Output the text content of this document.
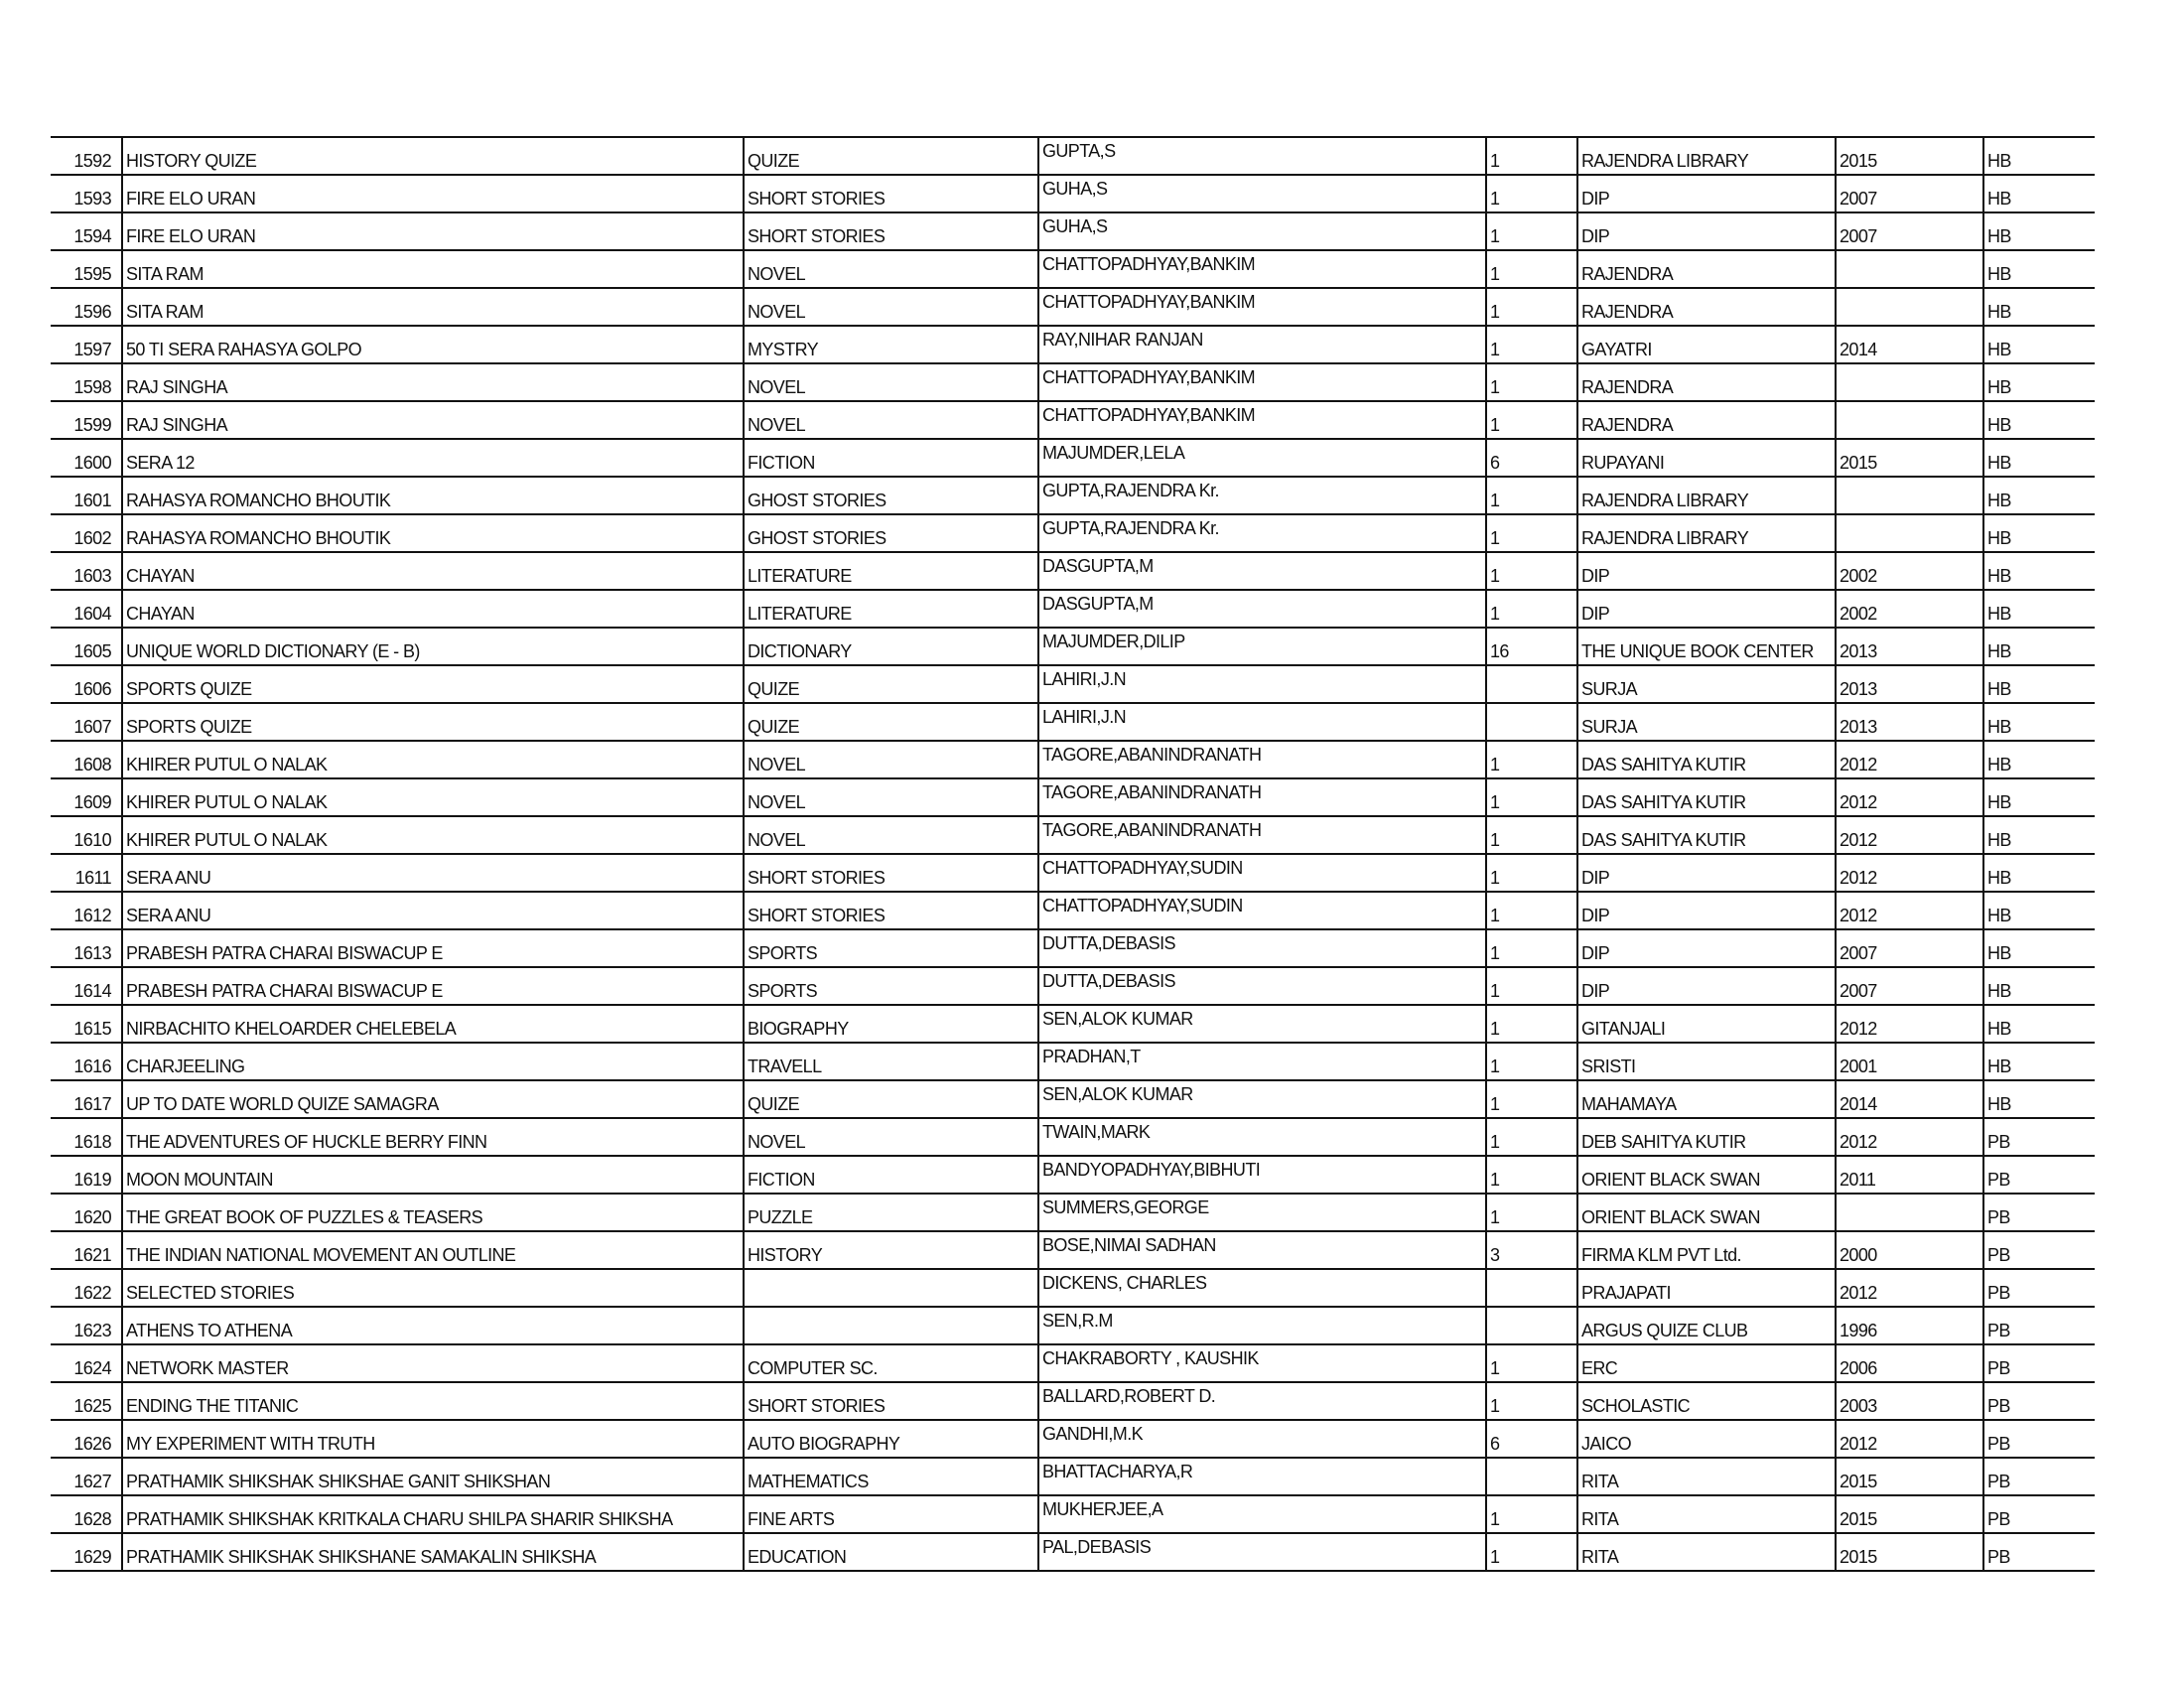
1592	HISTORY QUIZE	QUIZE	GUPTA,S	1	RAJENDRA LIBRARY	2015	HB
1593	FIRE ELO URAN	SHORT STORIES	GUHA,S	1	DIP	2007	HB
1594	FIRE ELO URAN	SHORT STORIES	GUHA,S	1	DIP	2007	HB
1595	SITA RAM	NOVEL	CHATTOPADHYAY,BANKIM	1	RAJENDRA		HB
1596	SITA RAM	NOVEL	CHATTOPADHYAY,BANKIM	1	RAJENDRA		HB
1597	50 TI SERA RAHASYA GOLPO	MYSTRY	RAY,NIHAR RANJAN	1	GAYATRI	2014	HB
1598	RAJ SINGHA	NOVEL	CHATTOPADHYAY,BANKIM	1	RAJENDRA		HB
1599	RAJ SINGHA	NOVEL	CHATTOPADHYAY,BANKIM	1	RAJENDRA		HB
1600	SERA 12	FICTION	MAJUMDER,LELA	6	RUPAYANI	2015	HB
1601	RAHASYA ROMANCHO BHOUTIK	GHOST STORIES	GUPTA,RAJENDRA Kr.	1	RAJENDRA LIBRARY		HB
1602	RAHASYA ROMANCHO BHOUTIK	GHOST STORIES	GUPTA,RAJENDRA Kr.	1	RAJENDRA LIBRARY		HB
1603	CHAYAN	LITERATURE	DASGUPTA,M	1	DIP	2002	HB
1604	CHAYAN	LITERATURE	DASGUPTA,M	1	DIP	2002	HB
1605	UNIQUE WORLD DICTIONARY (E - B)	DICTIONARY	MAJUMDER,DILIP	16	THE UNIQUE BOOK CENTER	2013	HB
1606	SPORTS QUIZE	QUIZE	LAHIRI,J.N		SURJA	2013	HB
1607	SPORTS QUIZE	QUIZE	LAHIRI,J.N		SURJA	2013	HB
1608	KHIRER PUTUL O NALAK	NOVEL	TAGORE,ABANINDRANATH	1	DAS SAHITYA KUTIR	2012	HB
1609	KHIRER PUTUL O NALAK	NOVEL	TAGORE,ABANINDRANATH	1	DAS SAHITYA KUTIR	2012	HB
1610	KHIRER PUTUL O NALAK	NOVEL	TAGORE,ABANINDRANATH	1	DAS SAHITYA KUTIR	2012	HB
1611	SERA ANU	SHORT STORIES	CHATTOPADHYAY,SUDIN	1	DIP	2012	HB
1612	SERA ANU	SHORT STORIES	CHATTOPADHYAY,SUDIN	1	DIP	2012	HB
1613	PRABESH PATRA CHARAI BISWACUP E	SPORTS	DUTTA,DEBASIS	1	DIP	2007	HB
1614	PRABESH PATRA CHARAI BISWACUP E	SPORTS	DUTTA,DEBASIS	1	DIP	2007	HB
1615	NIRBACHITO KHELOARDER CHELEBELA	BIOGRAPHY	SEN,ALOK KUMAR	1	GITANJALI	2012	HB
1616	CHARJEELING	TRAVELL	PRADHAN,T	1	SRISTI	2001	HB
1617	UP TO DATE WORLD QUIZE SAMAGRA	QUIZE	SEN,ALOK KUMAR	1	MAHAMAYA	2014	HB
1618	THE ADVENTURES OF HUCKLE BERRY FINN	NOVEL	TWAIN,MARK	1	DEB SAHITYA KUTIR	2012	PB
1619	MOON MOUNTAIN	FICTION	BANDYOPADHYAY,BIBHUTI	1	ORIENT BLACK SWAN	2011	PB
1620	THE GREAT BOOK OF PUZZLES & TEASERS	PUZZLE	SUMMERS,GEORGE	1	ORIENT BLACK SWAN		PB
1621	THE INDIAN NATIONAL MOVEMENT AN OUTLINE	HISTORY	BOSE,NIMAI SADHAN	3	FIRMA KLM PVT Ltd.	2000	PB
1622	SELECTED STORIES		DICKENS, CHARLES		PRAJAPATI	2012	PB
1623	ATHENS TO ATHENA		SEN,R.M		ARGUS QUIZE CLUB	1996	PB
1624	NETWORK MASTER	COMPUTER SC.	CHAKRABORTY , KAUSHIK	1	ERC	2006	PB
1625	ENDING THE TITANIC	SHORT STORIES	BALLARD,ROBERT D.	1	SCHOLASTIC	2003	PB
1626	MY EXPERIMENT WITH TRUTH	AUTO BIOGRAPHY	GANDHI,M.K	6	JAICO	2012	PB
1627	PRATHAMIK SHIKSHAK SHIKSHAE GANIT SHIKSHAN	MATHEMATICS	BHATTACHARYA,R		RITA	2015	PB
1628	PRATHAMIK SHIKSHAK KRITKALA CHARU SHILPA SHARIR SHIKSHA	FINE ARTS	MUKHERJEE,A	1	RITA	2015	PB
1629	PRATHAMIK SHIKSHAK SHIKSHANE SAMAKALIN SHIKSHA	EDUCATION	PAL,DEBASIS	1	RITA	2015	PB
